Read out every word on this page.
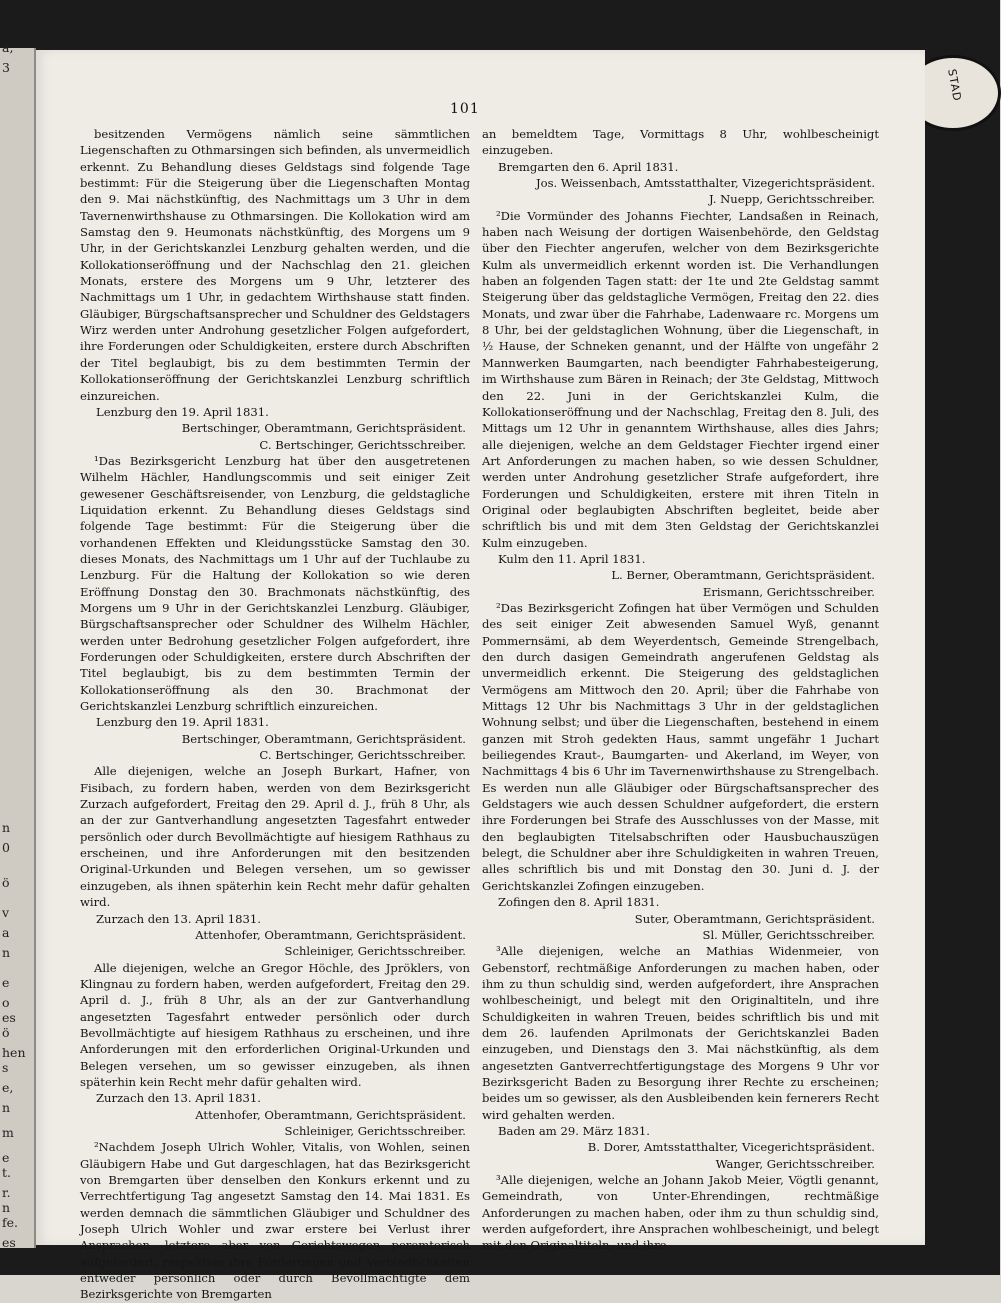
STAD
a,
3
n
0
ö
v
a
n
e
o
es
ö
hen
s
e,
n
m
e
t.
r.
n
fe.
es
101

besitzenden Vermögens nämlich seine sämmtlichen Liegenschaften zu Othmarsingen sich befinden, als unvermeidlich erkennt. Zu Behandlung dieses Geldstags sind folgende Tage bestimmt: Für die Steigerung über die Liegenschaften Montag den 9. Mai nächstkünftig, des Nachmittags um 3 Uhr in dem Tavernenwirthshause zu Othmarsingen. Die Kollokation wird am Samstag den 9. Heumonats nächstkünftig, des Morgens um 9 Uhr, in der Gerichtskanzlei Lenzburg gehalten werden, und die Kollokationseröffnung und der Nachschlag den 21. gleichen Monats, erstere des Morgens um 9 Uhr, letzterer des Nachmittags um 1 Uhr, in gedachtem Wirthshause statt finden. Gläubiger, Bürgschaftsansprecher und Schuldner des Geldstagers Wirz werden unter Androhung gesetzlicher Folgen aufgefordert, ihre Forderungen oder Schuldigkeiten, erstere durch Abschriften der Titel beglaubigt, bis zu dem bestimmten Termin der Kollokationseröffnung der Gerichtskanzlei Lenzburg schriftlich einzureichen.

Lenzburg den 19. April 1831.

Bertschinger, Oberamtmann, Gerichtspräsident.

C. Bertschinger, Gerichtsschreiber.

¹Das Bezirksgericht Lenzburg hat über den ausgetretenen Wilhelm Hächler, Handlungscommis und seit einiger Zeit gewesener Geschäftsreisender, von Lenzburg, die geldstagliche Liquidation erkennt. Zu Behandlung dieses Geldstags sind folgende Tage bestimmt: Für die Steigerung über die vorhandenen Effekten und Kleidungsstücke Samstag den 30. dieses Monats, des Nachmittags um 1 Uhr auf der Tuchlaube zu Lenzburg. Für die Haltung der Kollokation so wie deren Eröffnung Donstag den 30. Brachmonats nächstkünftig, des Morgens um 9 Uhr in der Gerichtskanzlei Lenzburg. Gläubiger, Bürgschaftsansprecher oder Schuldner des Wilhelm Hächler, werden unter Bedrohung gesetzlicher Folgen aufgefordert, ihre Forderungen oder Schuldigkeiten, erstere durch Abschriften der Titel beglaubigt, bis zu dem bestimmten Termin der Kollokationseröffnung als den 30. Brachmonat der Gerichtskanzlei Lenzburg schriftlich einzureichen.

Lenzburg den 19. April 1831.

Bertschinger, Oberamtmann, Gerichtspräsident.

C. Bertschinger, Gerichtsschreiber.

Alle diejenigen, welche an Joseph Burkart, Hafner, von Fisibach, zu fordern haben, werden von dem Bezirksgericht Zurzach aufgefordert, Freitag den 29. April d. J., früh 8 Uhr, als an der zur Gantverhandlung angesetzten Tagesfahrt entweder persönlich oder durch Bevollmächtigte auf hiesigem Rathhaus zu erscheinen, und ihre Anforderungen mit den besitzenden Original-Urkunden und Belegen versehen, um so gewisser einzugeben, als ihnen späterhin kein Recht mehr dafür gehalten wird.

Zurzach den 13. April 1831.

Attenhofer, Oberamtmann, Gerichtspräsident.

Schleiniger, Gerichtsschreiber.

Alle diejenigen, welche an Gregor Höchle, des Jpröklers, von Klingnau zu fordern haben, werden aufgefordert, Freitag den 29. April d. J., früh 8 Uhr, als an der zur Gantverhandlung angesetzten Tagesfahrt entweder persönlich oder durch Bevollmächtigte auf hiesigem Rathhaus zu erscheinen, und ihre Anforderungen mit den erforderlichen Original-Urkunden und Belegen versehen, um so gewisser einzugeben, als ihnen späterhin kein Recht mehr dafür gehalten wird.

Zurzach den 13. April 1831.

Attenhofer, Oberamtmann, Gerichtspräsident.

Schleiniger, Gerichtsschreiber.

²Nachdem Joseph Ulrich Wohler, Vitalis, von Wohlen, seinen Gläubigern Habe und Gut dargeschlagen, hat das Bezirksgericht von Bremgarten über denselben den Konkurs erkennt und zu Verrechtfertigung Tag angesetzt Samstag den 14. Mai 1831. Es werden demnach die sämmtlichen Gläubiger und Schuldner des Joseph Ulrich Wohler und zwar erstere bei Verlust ihrer Ansprachen, letztere aber von Gerichtswegen peremtorisch aufgefordert, respektive ihre Forderungen und Verbindlichkeiten entweder persönlich oder durch Bevollmächtigte dem Bezirksgerichte von Bremgarten

an bemeldtem Tage, Vormittags 8 Uhr, wohlbescheinigt einzugeben.

Bremgarten den 6. April 1831.

Jos. Weissenbach, Amtsstatthalter, Vizegerichtspräsident.

J. Nuepp, Gerichtsschreiber.

²Die Vormünder des Johanns Fiechter, Landsaßen in Reinach, haben nach Weisung der dortigen Waisenbehörde, den Geldstag über den Fiechter angerufen, welcher von dem Bezirksgerichte Kulm als unvermeidlich erkennt worden ist. Die Verhandlungen haben an folgenden Tagen statt: der 1te und 2te Geldstag sammt Steigerung über das geldstagliche Vermögen, Freitag den 22. dies Monats, und zwar über die Fahrhabe, Ladenwaare rc. Morgens um 8 Uhr, bei der geldstaglichen Wohnung, über die Liegenschaft, in ½ Hause, der Schneken genannt, und der Hälfte von ungefähr 2 Mannwerken Baumgarten, nach beendigter Fahrhabesteigerung, im Wirthshause zum Bären in Reinach; der 3te Geldstag, Mittwoch den 22. Juni in der Gerichtskanzlei Kulm, die Kollokationseröffnung und der Nachschlag, Freitag den 8. Juli, des Mittags um 12 Uhr in genanntem Wirthshause, alles dies Jahrs; alle diejenigen, welche an dem Geldstager Fiechter irgend einer Art Anforderungen zu machen haben, so wie dessen Schuldner, werden unter Androhung gesetzlicher Strafe aufgefordert, ihre Forderungen und Schuldigkeiten, erstere mit ihren Titeln in Original oder beglaubigten Abschriften begleitet, beide aber schriftlich bis und mit dem 3ten Geldstag der Gerichtskanzlei Kulm einzugeben.

Kulm den 11. April 1831.

L. Berner, Oberamtmann, Gerichtspräsident.

Erismann, Gerichtsschreiber.

²Das Bezirksgericht Zofingen hat über Vermögen und Schulden des seit einiger Zeit abwesenden Samuel Wyß, genannt Pommernsämi, ab dem Weyerdentsch, Gemeinde Strengelbach, den durch dasigen Gemeindrath angerufenen Geldstag als unvermeidlich erkennt. Die Steigerung des geldstaglichen Vermögens am Mittwoch den 20. April; über die Fahrhabe von Mittags 12 Uhr bis Nachmittags 3 Uhr in der geldstaglichen Wohnung selbst; und über die Liegenschaften, bestehend in einem ganzen mit Stroh gedekten Haus, sammt ungefähr 1 Juchart beiliegendes Kraut-, Baumgarten- und Akerland, im Weyer, von Nachmittags 4 bis 6 Uhr im Tavernenwirthshause zu Strengelbach. Es werden nun alle Gläubiger oder Bürgschaftsansprecher des Geldstagers wie auch dessen Schuldner aufgefordert, die erstern ihre Forderungen bei Strafe des Ausschlusses von der Masse, mit den beglaubigten Titelsabschriften oder Hausbuchauszügen belegt, die Schuldner aber ihre Schuldigkeiten in wahren Treuen, alles schriftlich bis und mit Donstag den 30. Juni d. J. der Gerichtskanzlei Zofingen einzugeben.

Zofingen den 8. April 1831.

Suter, Oberamtmann, Gerichtspräsident.

Sl. Müller, Gerichtsschreiber.

³Alle diejenigen, welche an Mathias Widenmeier, von Gebenstorf, rechtmäßige Anforderungen zu machen haben, oder ihm zu thun schuldig sind, werden aufgefordert, ihre Ansprachen wohlbescheinigt, und belegt mit den Originaltiteln, und ihre Schuldigkeiten in wahren Treuen, beides schriftlich bis und mit dem 26. laufenden Aprilmonats der Gerichtskanzlei Baden einzugeben, und Dienstags den 3. Mai nächstkünftig, als dem angesetzten Gantverrechtfertigungstage des Morgens 9 Uhr vor Bezirksgericht Baden zu Besorgung ihrer Rechte zu erscheinen; beides um so gewisser, als den Ausbleibenden kein fernerers Recht wird gehalten werden.

Baden am 29. März 1831.

B. Dorer, Amtsstatthalter, Vicegerichtspräsident.

Wanger, Gerichtsschreiber.

³Alle diejenigen, welche an Johann Jakob Meier, Vögtli genannt, Gemeindrath, von Unter-Ehrendingen, rechtmäßige Anforderungen zu machen haben, oder ihm zu thun schuldig sind, werden aufgefordert, ihre Ansprachen wohlbescheinigt, und belegt mit den Originaltiteln, und ihre
